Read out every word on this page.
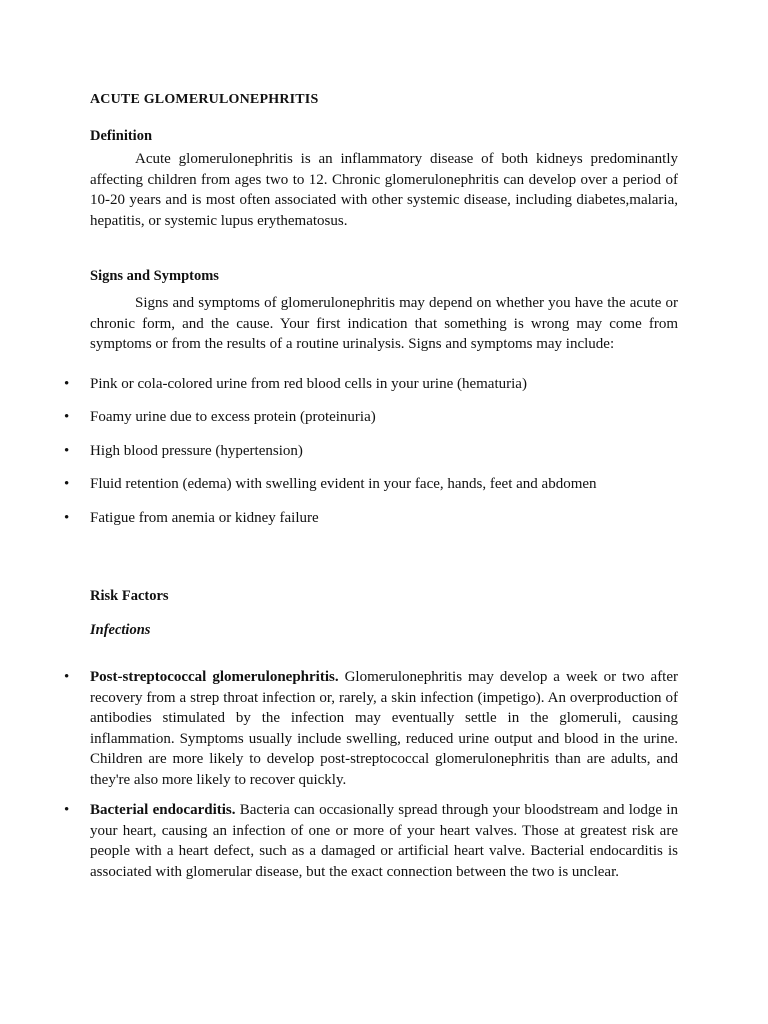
ACUTE GLOMERULONEPHRITIS
Definition
Acute glomerulonephritis is an inflammatory disease of both kidneys predominantly affecting children from ages two to 12. Chronic glomerulonephritis can develop over a period of 10-20 years and is most often associated with other systemic disease, including diabetes,malaria, hepatitis, or systemic lupus erythematosus.
Signs and Symptoms
Signs and symptoms of glomerulonephritis may depend on whether you have the acute or chronic form, and the cause. Your first indication that something is wrong may come from symptoms or from the results of a routine urinalysis. Signs and symptoms may include:
• Pink or cola-colored urine from red blood cells in your urine (hematuria)
• Foamy urine due to excess protein (proteinuria)
• High blood pressure (hypertension)
• Fluid retention (edema) with swelling evident in your face, hands, feet and abdomen
• Fatigue from anemia or kidney failure
Risk Factors
Infections
• Post-streptococcal glomerulonephritis. Glomerulonephritis may develop a week or two after recovery from a strep throat infection or, rarely, a skin infection (impetigo). An overproduction of antibodies stimulated by the infection may eventually settle in the glomeruli, causing inflammation. Symptoms usually include swelling, reduced urine output and blood in the urine. Children are more likely to develop post-streptococcal glomerulonephritis than are adults, and they're also more likely to recover quickly.
• Bacterial endocarditis. Bacteria can occasionally spread through your bloodstream and lodge in your heart, causing an infection of one or more of your heart valves. Those at greatest risk are people with a heart defect, such as a damaged or artificial heart valve. Bacterial endocarditis is associated with glomerular disease, but the exact connection between the two is unclear.
